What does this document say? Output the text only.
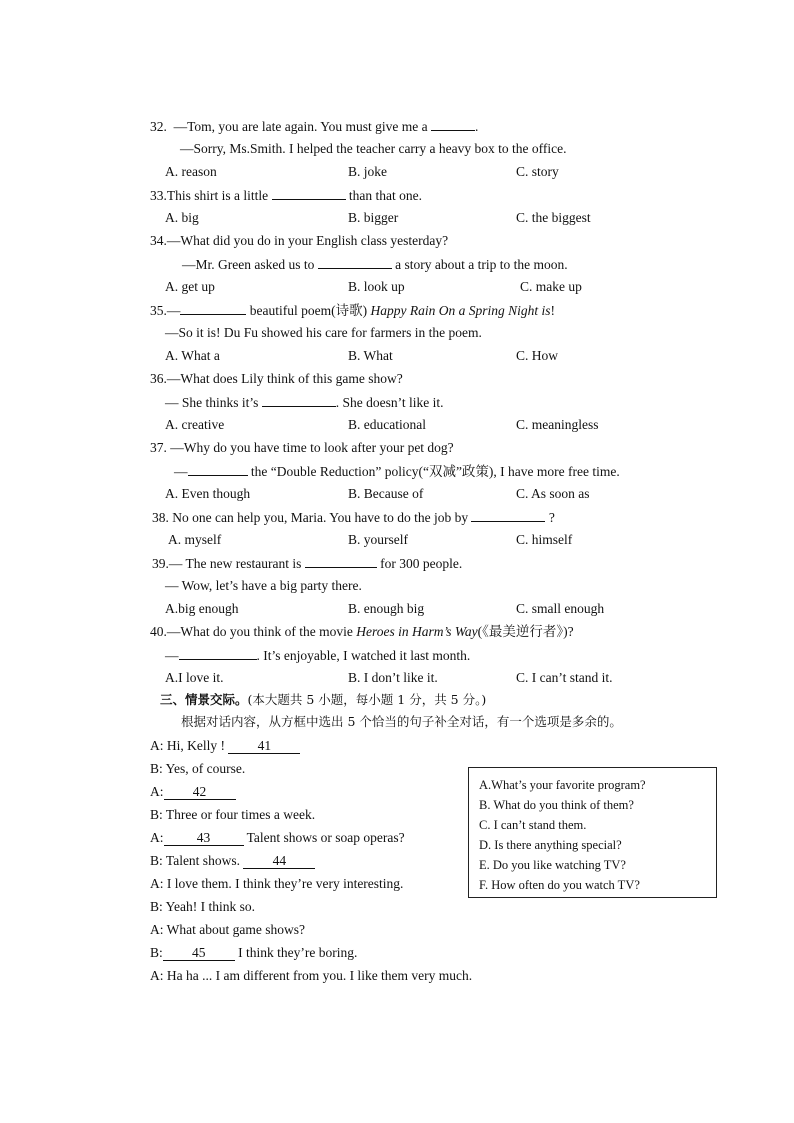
32. —Tom, you are late again. You must give me a	.
—Sorry, Ms.Smith. I helped the teacher carry a heavy box to the office.
A. reason	B. joke	C. story
33.This shirt is a little	than that one.
A. big	B. bigger	C. the biggest
34.—What did you do in your English class yesterday?
—Mr. Green asked us to	a story about a trip to the moon.
A. get up	B. look up	C. make up
35.—	beautiful poem(诗歌) Happy Rain On a Spring Night is!
—So it is! Du Fu showed his care for farmers in the poem.
A. What a	B. What	C. How
36.—What does Lily think of this game show?
— She thinks it’s	. She doesn’t like it.
A. creative	B. educational	C. meaningless
37. —Why do you have time to look after your pet dog?
—	the “Double Reduction” policy(“双减”政策), I have more free time.
A. Even though	B. Because of	C. As soon as
38. No one can help you, Maria. You have to do the job by	?
A. myself	B. yourself	C. himself
39.— The new restaurant is	for 300 people.
— Wow, let’s have a big party there.
A.big enough	B. enough big	C. small enough
40.—What do you think of the movie Heroes in Harm’s Way(《最美逆行者》)?
—	. It’s enjoyable, I watched it last month.
A.I love it.	B. I don’t like it.	C. I can’t stand it.
三、情景交际。(本大题共 5 小题，每小题 1 分，共 5 分。)
根据对话内容，从方框中选出 5 个恰当的句子补全对话，有一个选项是多余的。
A: Hi, Kelly ! 41
B: Yes, of course.
A: 42
B: Three or four times a week.
A: 43 Talent shows or soap operas?
B: Talent shows. 44
A: I love them. I think they’re very interesting.
B: Yeah! I think so.
A: What about game shows?
B: 45 I think they’re boring.
A: Ha ha ... I am different from you. I like them very much.
A.What’s your favorite program?
B. What do you think of them?
C. I can’t stand them.
D. Is there anything special?
E. Do you like watching TV?
F. How often do you watch TV?
